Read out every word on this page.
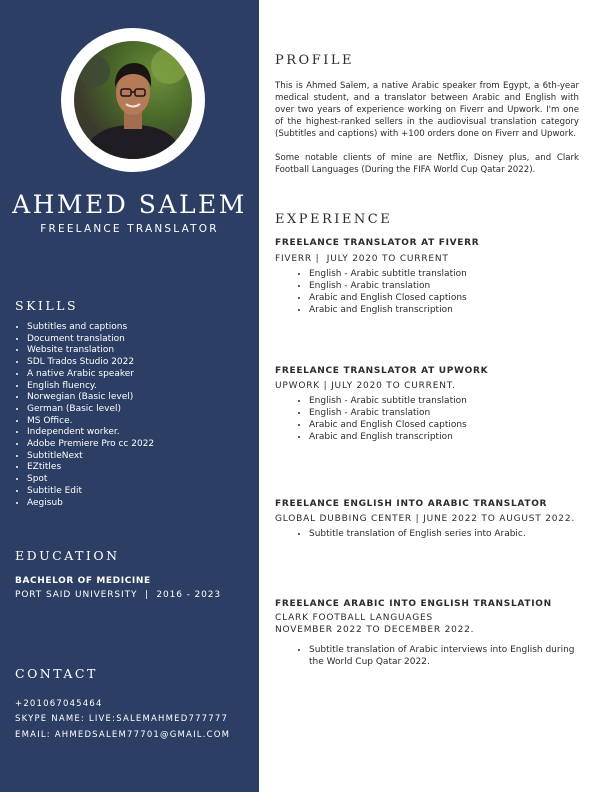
AHMED SALEM
FREELANCE TRANSLATOR
SKILLS
• Subtitles and captions
• Document translation
• Website translation
• SDL Trados Studio 2022
• A native Arabic speaker
• English fluency.
• Norwegian (Basic level)
• German (Basic level)
• MS Office.
• Independent worker.
• Adobe Premiere Pro cc 2022
• SubtitleNext
• EZtitles
• Spot
• Subtitle Edit
• Aegisub
EDUCATION
BACHELOR OF MEDICINE
PORT SAID UNIVERSITY  |  2016 - 2023
CONTACT
+201067045464
SKYPE NAME: LIVE:SALEMAHMED777777
EMAIL: AHMEDSALEM77701@GMAIL.COM
PROFILE

This is Ahmed Salem, a native Arabic speaker from Egypt, a 6th-year medical student, and a translator between Arabic and English with over two years of experience working on Fiverr and Upwork. I'm one of the highest-ranked sellers in the audiovisual translation category (Subtitles and captions) with +100 orders done on Fiverr and Upwork.

Some notable clients of mine are Netflix, Disney plus, and Clark Football Languages (During the FIFA World Cup Qatar 2022).

EXPERIENCE
FREELANCE TRANSLATOR AT FIVERR
FIVERR |  JULY 2020 TO CURRENT
• English - Arabic subtitle translation
• English - Arabic translation
• Arabic and English Closed captions
• Arabic and English transcription
FREELANCE TRANSLATOR AT UPWORK
UPWORK | JULY 2020 TO CURRENT.
• English - Arabic subtitle translation
• English - Arabic translation
• Arabic and English Closed captions
• Arabic and English transcription
FREELANCE ENGLISH INTO ARABIC TRANSLATOR
GLOBAL DUBBING CENTER | JUNE 2022 TO AUGUST 2022.
• Subtitle translation of English series into Arabic.
FREELANCE ARABIC INTO ENGLISH TRANSLATION
CLARK FOOTBALL LANGUAGES
NOVEMBER 2022 TO DECEMBER 2022.
• Subtitle translation of Arabic interviews into English during the World Cup Qatar 2022.
